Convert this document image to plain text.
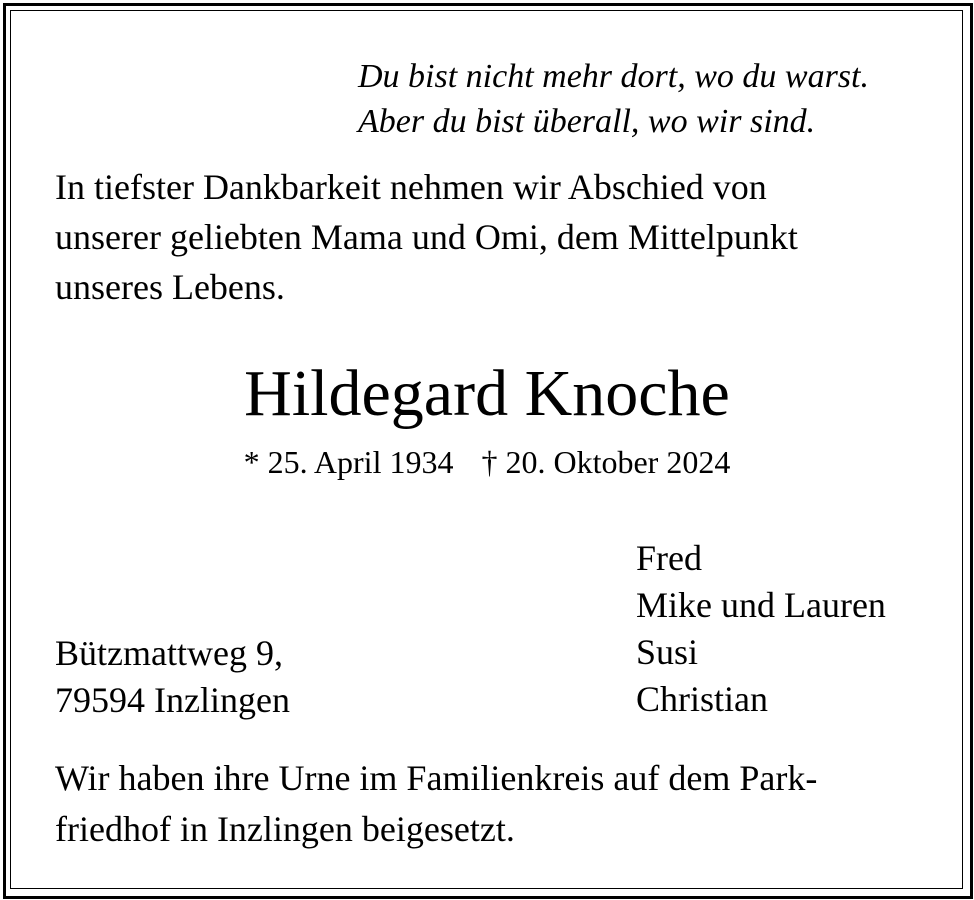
Du bist nicht mehr dort, wo du warst.
Aber du bist überall, wo wir sind.
In tiefster Dankbarkeit nehmen wir Abschied von
unserer geliebten Mama und Omi, dem Mittelpunkt
unseres Lebens.
Hildegard Knoche
* 25. April 1934 † 20. Oktober 2024
Fred
Mike und Lauren
Susi
Christian
Bützmattweg 9,
79594 Inzlingen
Wir haben ihre Urne im Familienkreis auf dem Park-
friedhof in Inzlingen beigesetzt.
